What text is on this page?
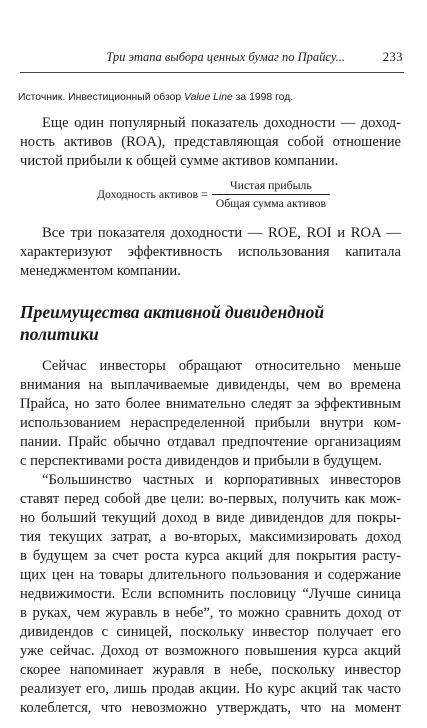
Три этапа выбора ценных бумаг по Прайсу...	233
Источник. Инвестиционный обзор Value Line за 1998 год.

Еще один популярный показатель доходности — доход-
ность активов (ROA), представляющая собой отношение
чистой прибыли к общей сумме активов компании.

Доходность активов = $\frac{\text{Чистая прибыль}}{\text{Общая сумма активов}}$

Все три показателя доходности — ROE, ROI и ROA —
характеризуют эффективность использования капитала
менеджментом компании.

Преимущества активной дивидендной
политики

Сейчас инвесторы обращают относительно меньше
внимания на выплачиваемые дивиденды, чем во времена
Прайса, но зато более внимательно следят за эффективным
использованием нераспределенной прибыли внутри ком-
пании. Прайс обычно отдавал предпочтение организациям
с перспективами роста дивидендов и прибыли в будущем.

“Большинство частных и корпоративных инвесторов
ставят перед собой две цели: во-первых, получить как мож-
но больший текущий доход в виде дивидендов для покры-
тия текущих затрат, а во-вторых, максимизировать доход
в будущем за счет роста курса акций для покрытия расту-
щих цен на товары длительного пользования и содержание
недвижимости. Если вспомнить пословицу “Лучше синица
в руках, чем журавль в небе”, то можно сравнить доход от
дивидендов с синицей, поскольку инвестор получает его
уже сейчас. Доход от возможного повышения курса акций
скорее напоминает журавля в небе, поскольку инвестор
реализует его, лишь продав акции. Но курс акций так часто
колеблется, что невозможно утверждать, что на момент
